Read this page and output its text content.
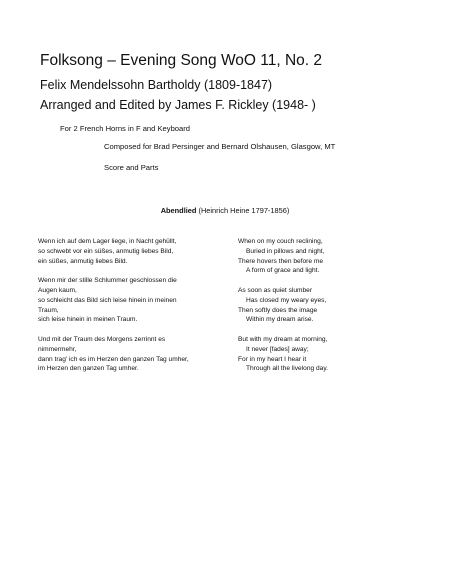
Folksong – Evening Song WoO 11, No. 2
Felix Mendelssohn Bartholdy (1809-1847)
Arranged and Edited by James F. Rickley (1948- )
For 2 French Horns in F and Keyboard
Composed for Brad Persinger and Bernard Olshausen, Glasgow, MT
Score and Parts
Abendlied (Heinrich Heine 1797-1856)
Wenn ich auf dem Lager liege, in Nacht gehüllt,
so schwebt vor ein süßes, anmutig liebes Bild,
ein süßes, anmutig liebes Bild.
Wenn mir der stille Schlummer geschlossen die
Augen kaum,
so schleicht das Bild sich leise hinein in meinen
Traum,
sich leise hinein in meinen Traum.
Und mit der Traum des Morgens zerrinnt es
nimmermehr,
dann trag' ich es im Herzen den ganzen Tag umher,
im Herzen den ganzen Tag umher.
When on my couch reclining,
Buried in pillows and night,
There hovers then before me
A form of grace and light.
As soon as quiet slumber
Has closed my weary eyes,
Then softly does the image
Within my dream arise.
But with my dream at morning,
It never [fades] away;
For in my heart I hear it
Through all the livelong day.
